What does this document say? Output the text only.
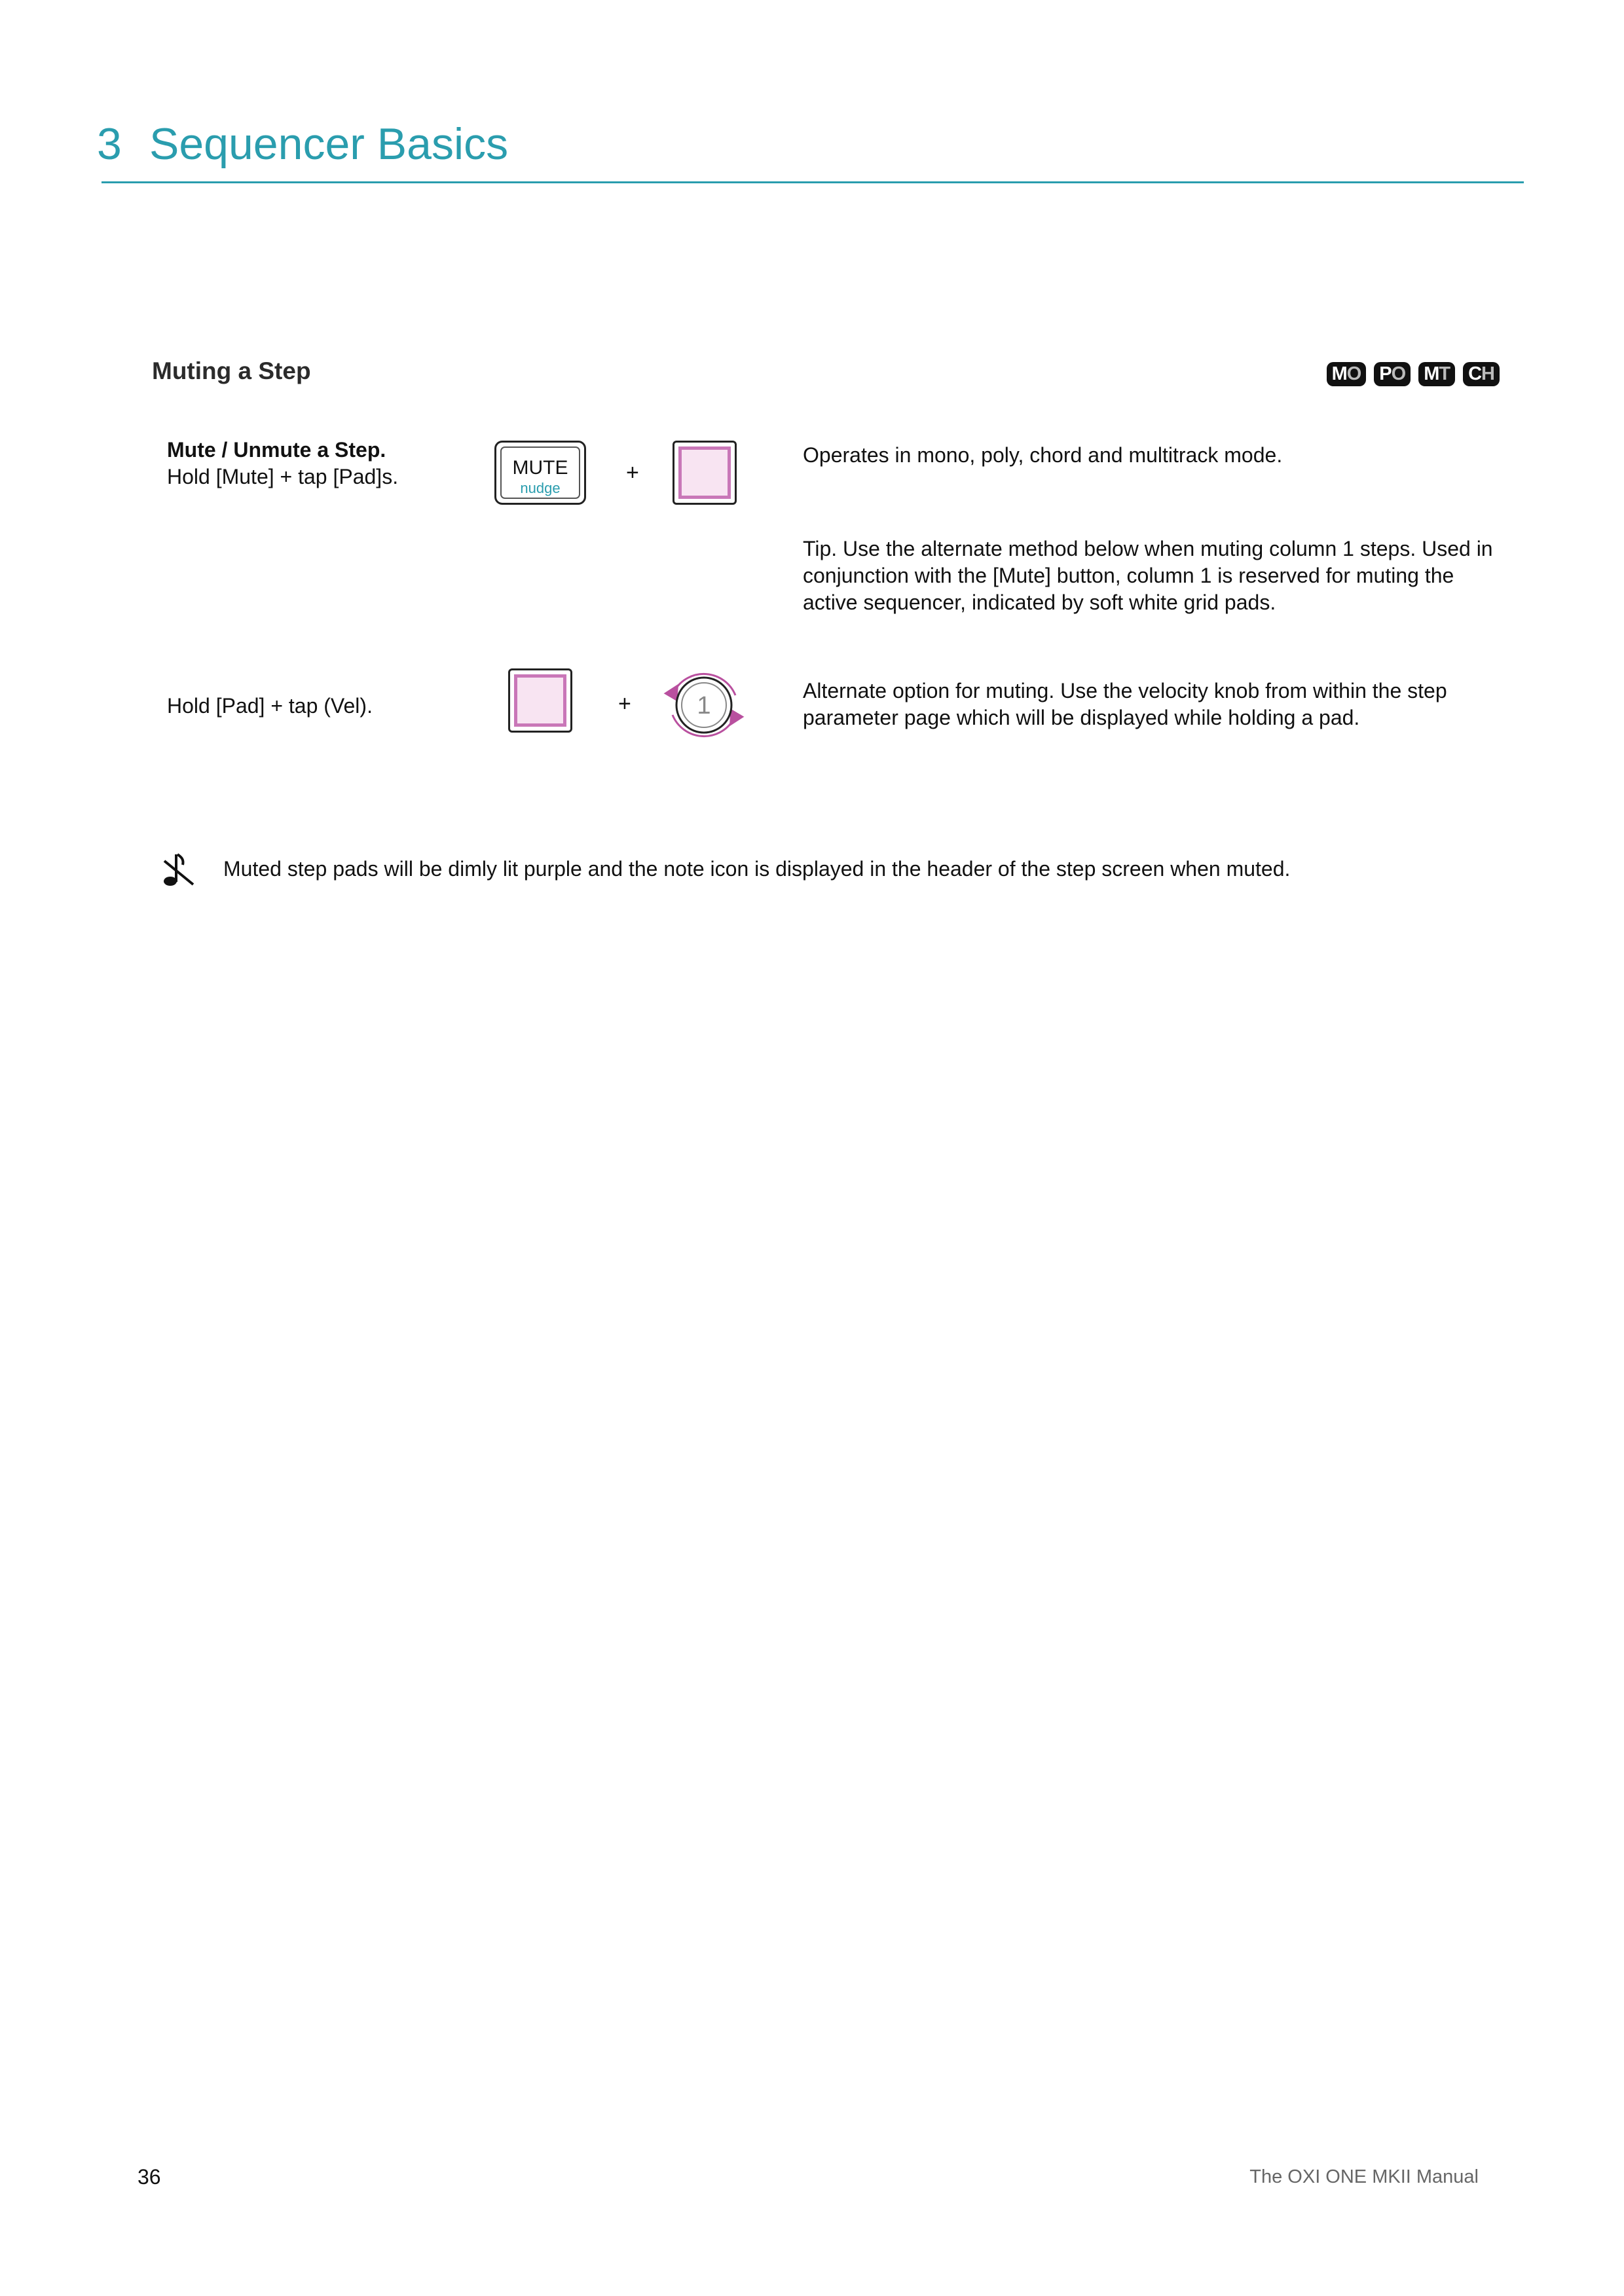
3 Sequencer Basics
Muting a Step	MO PO MT CH
Mute / Unmute a Step.
Hold [Mute] + tap [Pad]s.	MUTE
nudge
+
Operates in mono, poly, chord and multitrack mode.
Tip. Use the alternate method below when muting column 1 steps. Used in conjunction with the [Mute] button, column 1 is reserved for muting the active sequencer, indicated by soft white grid pads.
Hold [Pad] + tap (Vel).	+	1
Alternate option for muting. Use the velocity knob from within the step parameter page which will be displayed while holding a pad.
Muted step pads will be dimly lit purple and the note icon is displayed in the header of the step screen when muted.
36	The OXI ONE MKII Manual
